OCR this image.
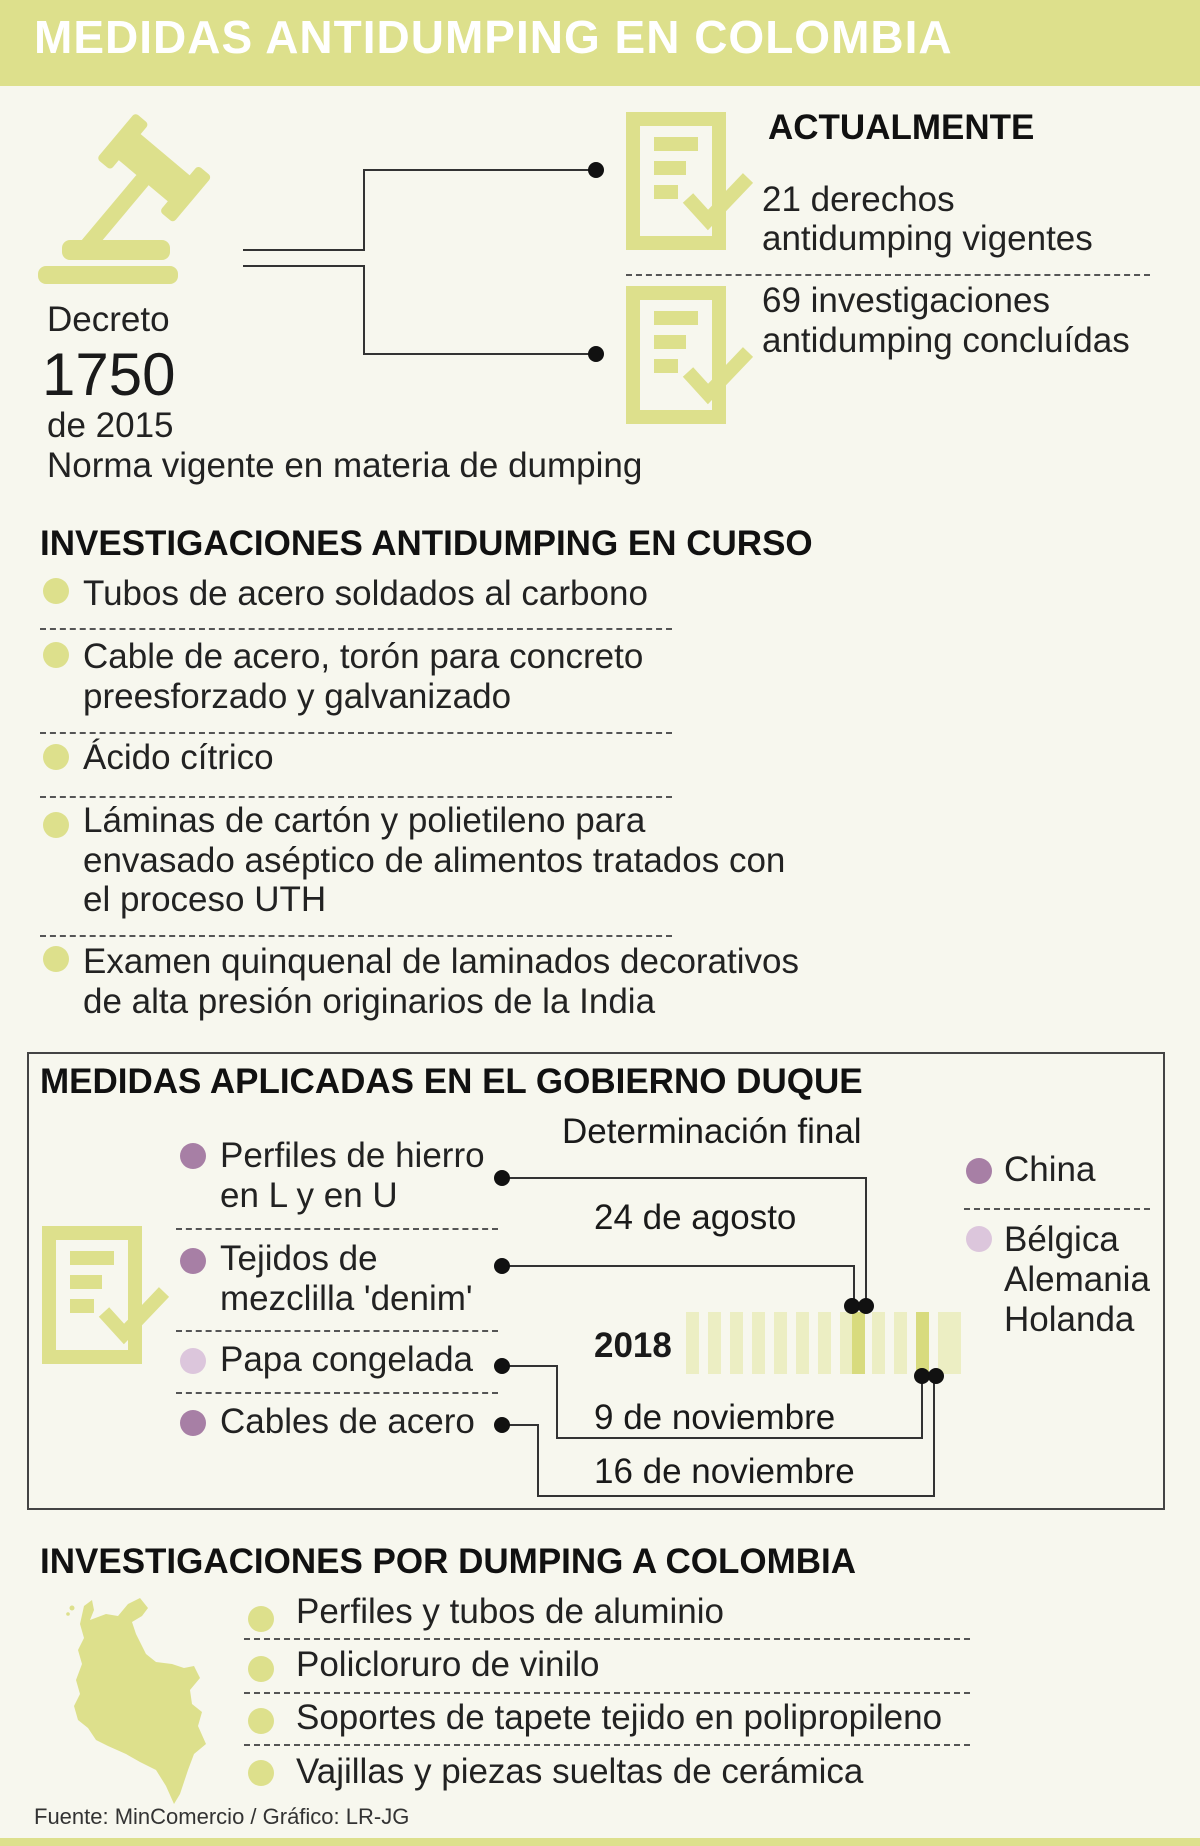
MEDIDAS ANTIDUMPING EN COLOMBIA
Decreto
1750
de 2015
Norma vigente en materia de dumping
ACTUALMENTE
21 derechos
antidumping vigentes
69 investigaciones
antidumping concluídas
INVESTIGACIONES ANTIDUMPING EN CURSO
Tubos de acero soldados al carbono
Cable de acero, torón para concreto
preesforzado y galvanizado
Ácido cítrico
Láminas de cartón y polietileno para
envasado aséptico de alimentos tratados con
el proceso UTH
Examen quinquenal de laminados decorativos
de alta presión originarios de la India
MEDIDAS APLICADAS EN EL GOBIERNO DUQUE
Determinación final
Perfiles de hierro
en L y en U
Tejidos de
mezclilla 'denim'
Papa congelada
Cables de acero
24 de agosto
2018
9 de noviembre
16 de noviembre
China
Bélgica
Alemania
Holanda
INVESTIGACIONES POR DUMPING A COLOMBIA
Perfiles y tubos de aluminio
Policloruro de vinilo
Soportes de tapete tejido en polipropileno
Vajillas y piezas sueltas de cerámica
Fuente: MinComercio / Gráfico: LR-JG
